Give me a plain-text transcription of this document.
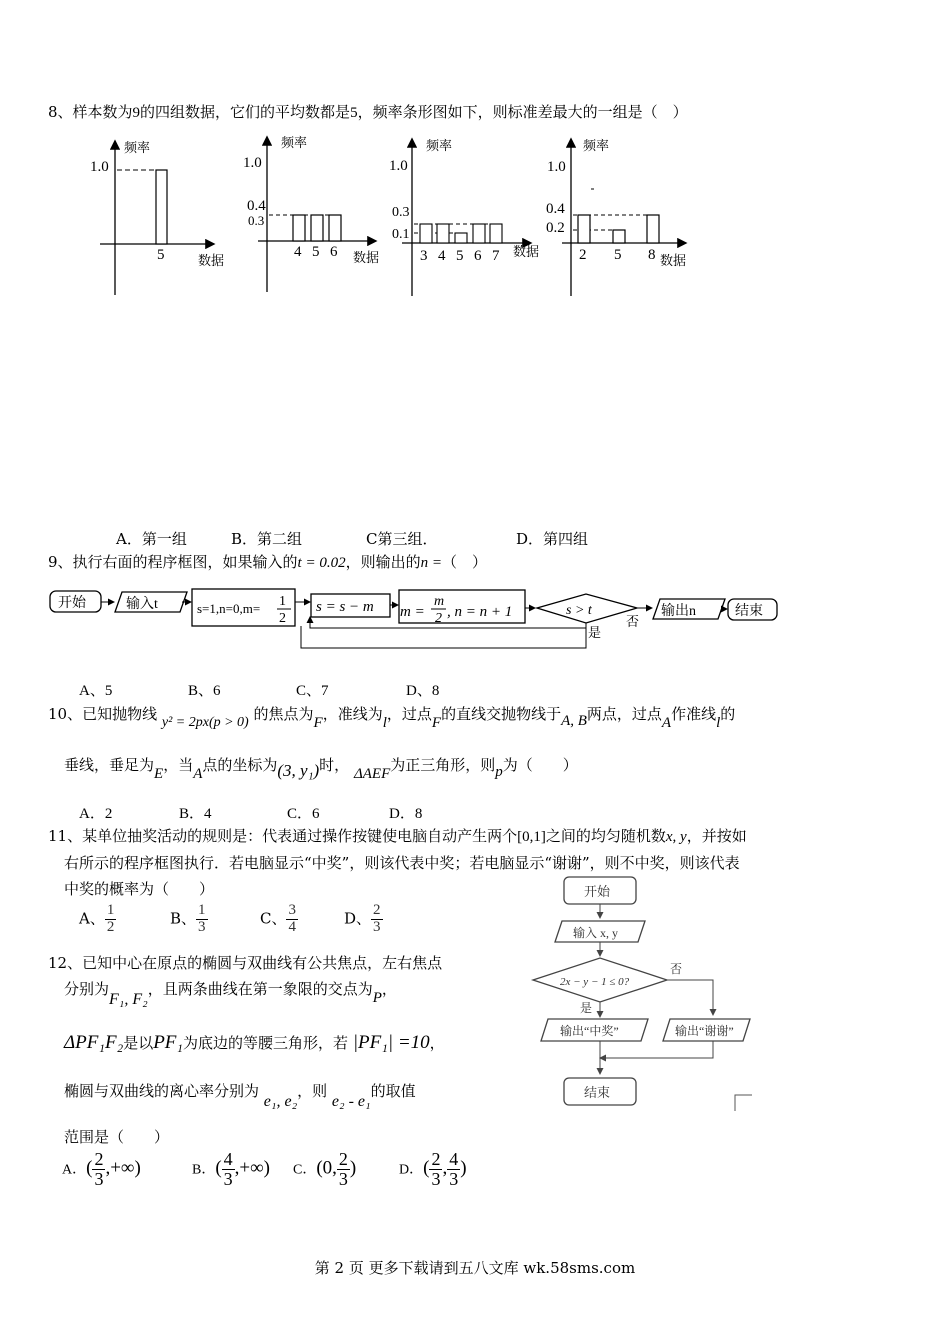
8、样本数为9的四组数据，它们的平均数都是5，频率条形图如下，则标准差最大的一组是（　）
频率
1.0
5	数据
频率
1.0
0.4
0.3
4 5 6 数据
频率
1.0
0.3
0.1
3 4 5 6 7 数据
频率
1.0
0.4
0.2
2 5 8 数据
A．第一组	B．第二组	C第三组．	D．第四组
9、执行右面的程序框图，如果输入的t = 0.02，则输出的n =（　）
开始	输入t	s=1,n=0,m= 1
2
s = s − m m =
m
2 , n = n + 1	s > t
否
输出n	结束
是
A、5	B、6	C、7	D、8
10、已知抛物线 y² = 2px(p > 0) 的焦点为F，准线为l，过点F的直线交抛物线于A, B两点，过点A作准线l的
垂线，垂足为E，当A点的坐标为(3, y₁)时， ΔAEF为正三角形，则p为（　　）
A．2	B．4	C．6	D．8
11、某单位抽奖活动的规则是：代表通过操作按键使电脑自动产生两个[0,1]之间的均匀随机数x, y，并按如
右所示的程序框图执行．若电脑显示“中奖”，则该代表中奖；若电脑显示“谢谢”，则不中奖，则该代表
中奖的概率为（　　）
A、 $\frac{1}{2}$	B、 $\frac{1}{3}$	C、 $\frac{3}{4}$	D、 $\frac{2}{3}$
开始
输入 x, y
2x − y − 1 ≤ 0?
否
是
输出“中奖”	输出“谢谢”
结束
12、已知中心在原点的椭圆与双曲线有公共焦点，左右焦点
分别为F₁, F₂，且两条曲线在第一象限的交点为P，
ΔPF₁F₂是以PF₁为底边的等腰三角形，若 |PF₁| =10，
椭圆与双曲线的离心率分别为 e₁, e₂，则 e₂ - e₁的取值
范围是（　　）
A．( $\frac{2}{3}$ ,+∞)	B．( $\frac{4}{3}$ ,+∞) C．(0, $\frac{2}{3}$ )	D．( $\frac{2}{3}$ , $\frac{4}{3}$ )
第 2 页 更多下载请到五八文库 wk.58sms.com
